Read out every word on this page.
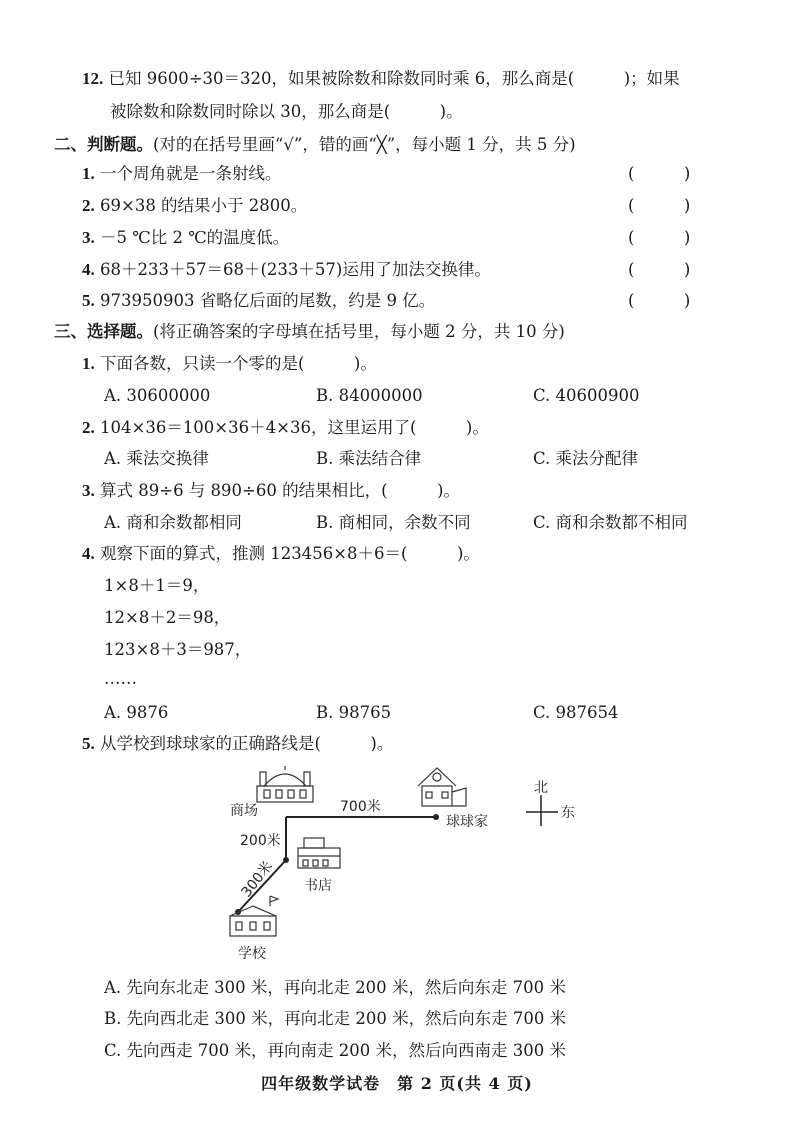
12. 已知 9600÷30＝320，如果被除数和除数同时乘 6，那么商是(　　　)；如果
被除数和除数同时除以 30，那么商是(　　　)。
二、判断题。(对的在括号里画“√”，错的画“╳”，每小题 1 分，共 5 分)
1. 一个周角就是一条射线。	(　　　)
2. 69×38 的结果小于 2800。	(　　　)
3. －5 ℃比 2 ℃的温度低。	(　　　)
4. 68＋233＋57＝68＋(233＋57)运用了加法交换律。	(　　　)
5. 973950903 省略亿后面的尾数，约是 9 亿。	(　　　)
三、选择题。(将正确答案的字母填在括号里，每小题 2 分，共 10 分)
1. 下面各数，只读一个零的是(　　　)。
A. 30600000	B. 84000000	C. 40600900
2. 104×36＝100×36＋4×36，这里运用了(　　　)。
A. 乘法交换律	B. 乘法结合律	C. 乘法分配律
3. 算式 89÷6 与 890÷60 的结果相比，(　　　)。
A. 商和余数都相同	B. 商相同，余数不同	C. 商和余数都不相同
4. 观察下面的算式，推测 123456×8＋6＝(　　　)。
1×8＋1＝9，
12×8＋2＝98，
123×8＋3＝987，
……
A. 9876	B. 98765	C. 987654
5. 从学校到球球家的正确路线是(　　　)。
商场
球球家
700米
200米
300米 书店
学校
北
东
A. 先向东北走 300 米，再向北走 200 米，然后向东走 700 米
B. 先向西北走 300 米，再向北走 200 米，然后向东走 700 米
C. 先向西走 700 米，再向南走 200 米，然后向西南走 300 米
四年级数学试卷　第 2 页(共 4 页)
